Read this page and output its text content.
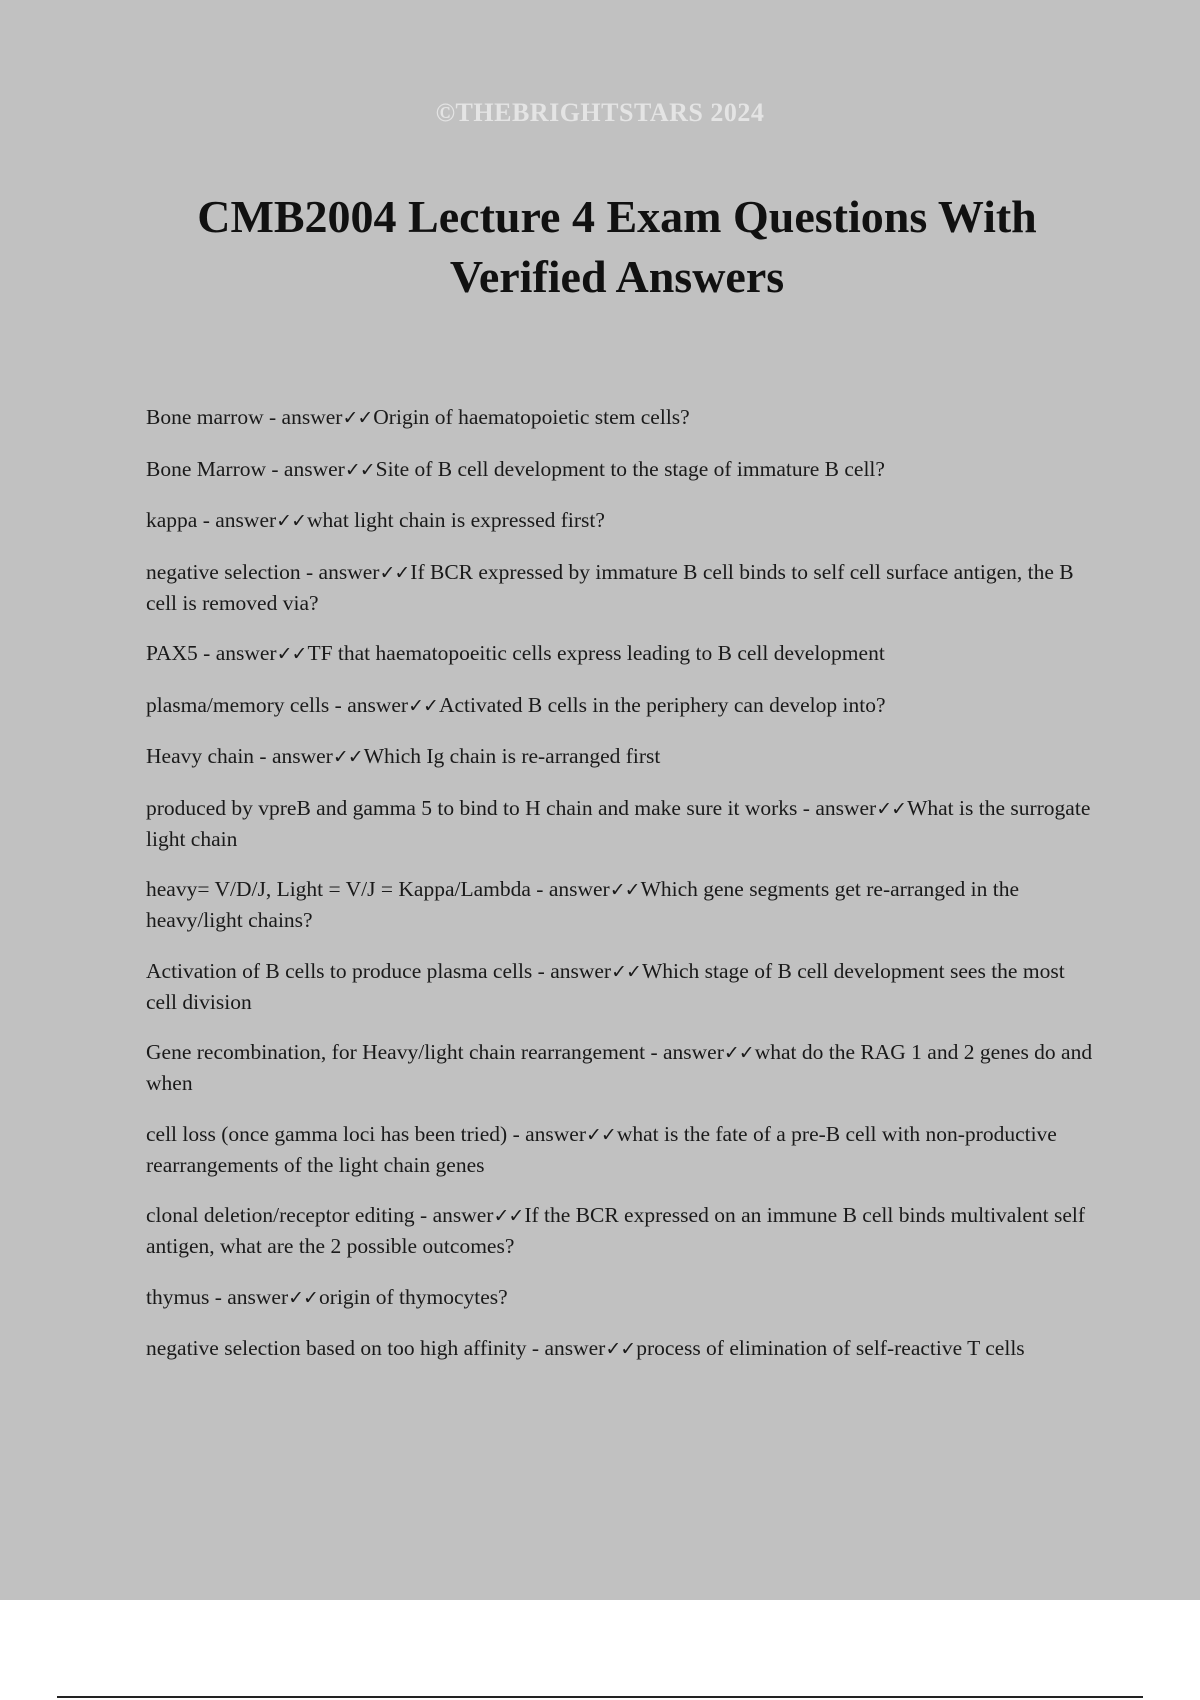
©THEBRIGHTSTARS 2024
CMB2004 Lecture 4 Exam Questions With Verified Answers
Bone marrow - answer✓✓Origin of haematopoietic stem cells?
Bone Marrow - answer✓✓Site of B cell development to the stage of immature B cell?
kappa - answer✓✓what light chain is expressed first?
negative selection - answer✓✓If BCR expressed by immature B cell binds to self cell surface antigen, the B cell is removed via?
PAX5 - answer✓✓TF that haematopoeitic cells express leading to B cell development
plasma/memory cells - answer✓✓Activated B cells in the periphery can develop into?
Heavy chain - answer✓✓Which Ig chain is re-arranged first
produced by vpreB and gamma 5 to bind to H chain and make sure it works - answer✓✓What is the surrogate light chain
heavy= V/D/J, Light = V/J = Kappa/Lambda - answer✓✓Which gene segments get re-arranged in the heavy/light chains?
Activation of B cells to produce plasma cells - answer✓✓Which stage of B cell development sees the most cell division
Gene recombination, for Heavy/light chain rearrangement - answer✓✓what do the RAG 1 and 2 genes do and when
cell loss (once gamma loci has been tried) - answer✓✓what is the fate of a pre-B cell with non-productive rearrangements of the light chain genes
clonal deletion/receptor editing - answer✓✓If the BCR expressed on an immune B cell binds multivalent self antigen, what are the 2 possible outcomes?
thymus - answer✓✓origin of thymocytes?
negative selection based on too high affinity - answer✓✓process of elimination of self-reactive T cells
